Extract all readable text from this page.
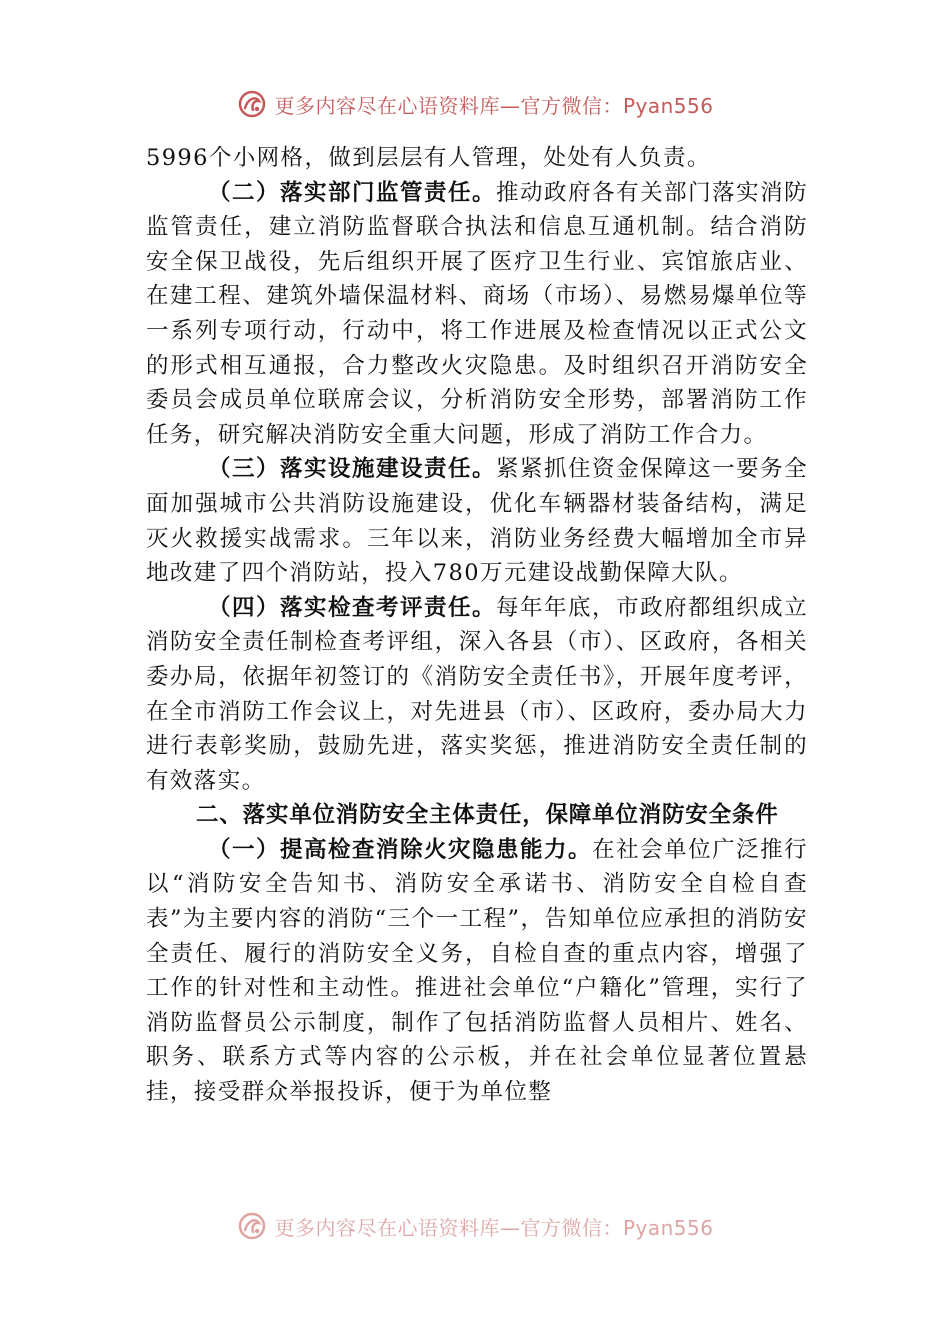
更多内容尽在心语资料库—官方微信：Pyan556

5996个小网格，做到层层有人管理，处处有人负责。

（二）落实部门监管责任。推动政府各有关部门落实消防监管责任，建立消防监督联合执法和信息互通机制。结合消防安全保卫战役，先后组织开展了医疗卫生行业、宾馆旅店业、在建工程、建筑外墙保温材料、商场（市场）、易燃易爆单位等一系列专项行动，行动中，将工作进展及检查情况以正式公文的形式相互通报，合力整改火灾隐患。及时组织召开消防安全委员会成员单位联席会议，分析消防安全形势，部署消防工作任务，研究解决消防安全重大问题，形成了消防工作合力。

（三）落实设施建设责任。紧紧抓住资金保障这一要务全面加强城市公共消防设施建设，优化车辆器材装备结构，满足灭火救援实战需求。三年以来，消防业务经费大幅增加全市异地改建了四个消防站，投入780万元建设战勤保障大队。

（四）落实检查考评责任。每年年底，市政府都组织成立消防安全责任制检查考评组，深入各县（市）、区政府，各相关委办局，依据年初签订的《消防安全责任书》，开展年度考评，在全市消防工作会议上，对先进县（市）、区政府，委办局大力进行表彰奖励，鼓励先进，落实奖惩，推进消防安全责任制的有效落实。

二、落实单位消防安全主体责任，保障单位消防安全条件

（一）提高检查消除火灾隐患能力。在社会单位广泛推行以“消防安全告知书、消防安全承诺书、消防安全自检自查表”为主要内容的消防“三个一工程”，告知单位应承担的消防安全责任、履行的消防安全义务，自检自查的重点内容，增强了工作的针对性和主动性。推进社会单位“户籍化”管理，实行了消防监督员公示制度，制作了包括消防监督人员相片、姓名、职务、联系方式等内容的公示板，并在社会单位显著位置悬挂，接受群众举报投诉，便于为单位整

更多内容尽在心语资料库—官方微信：Pyan556
